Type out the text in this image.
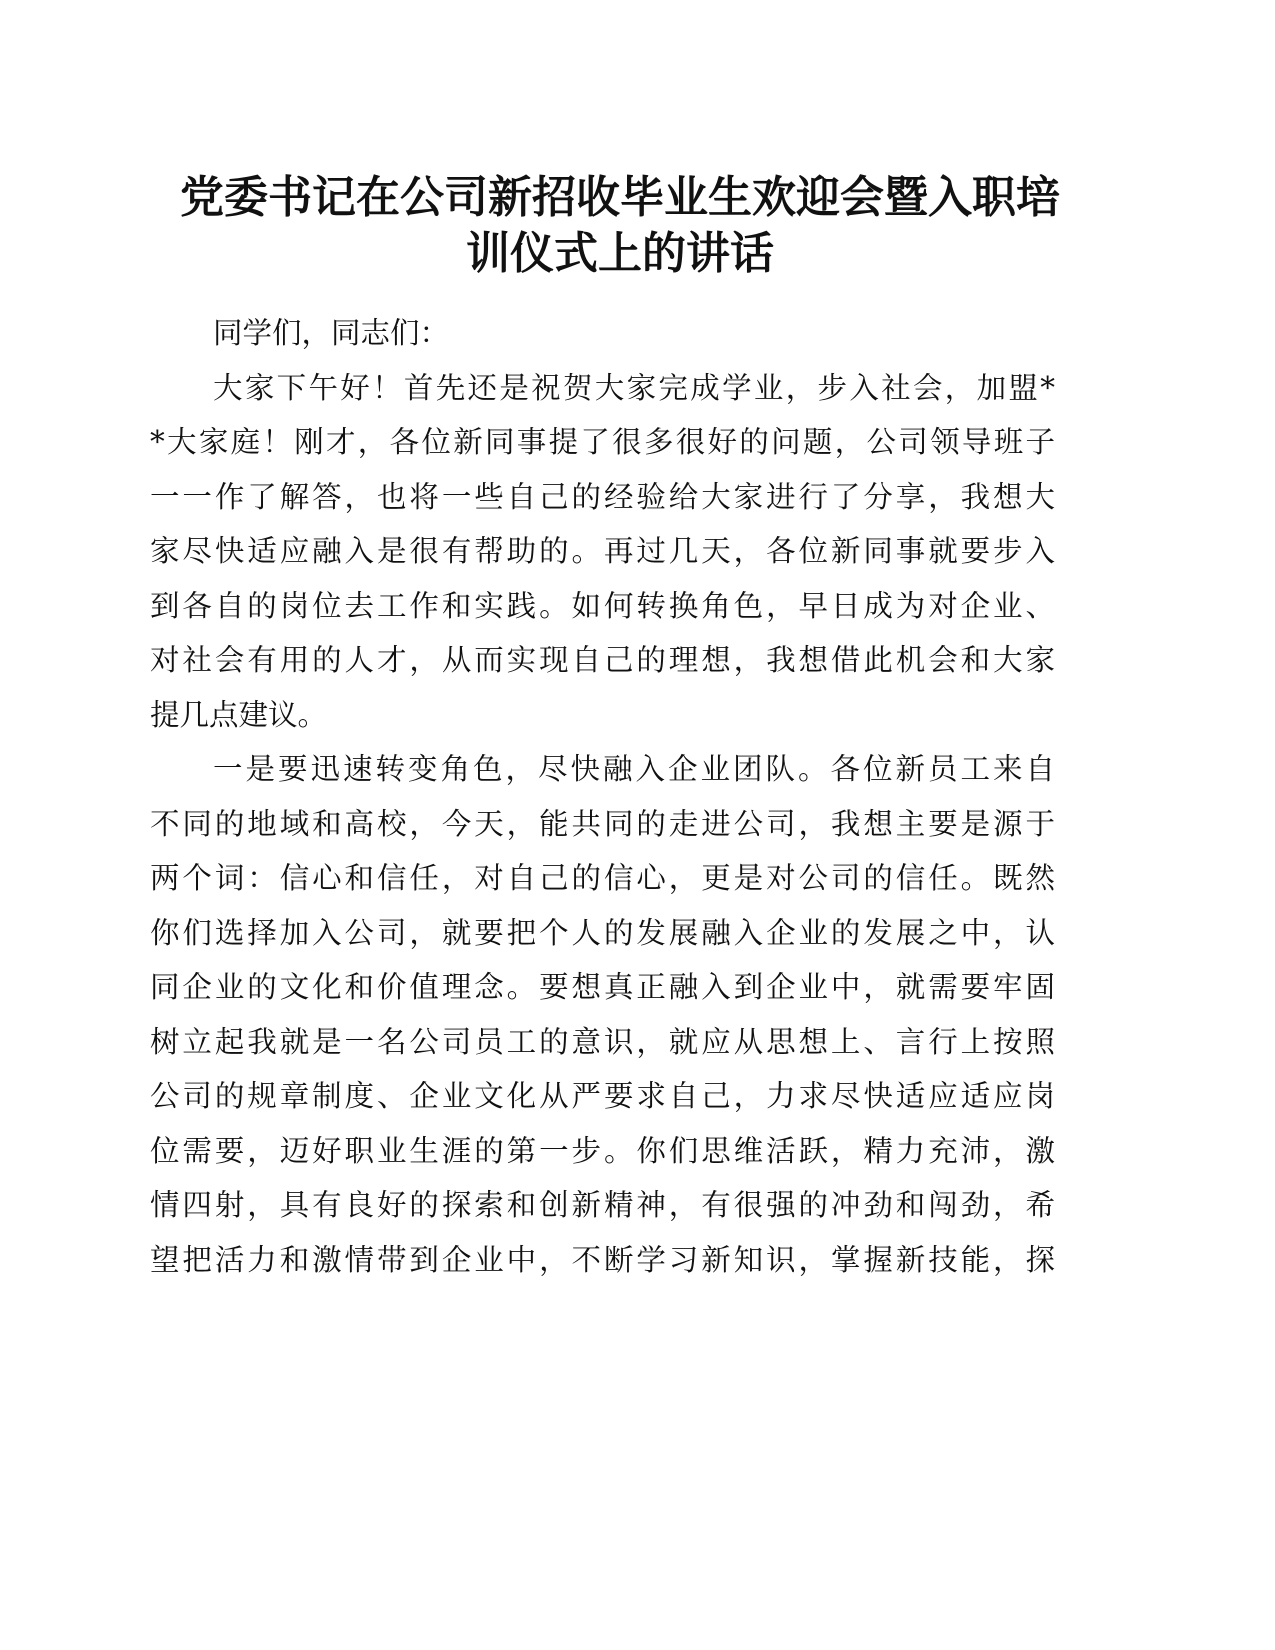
党委书记在公司新招收毕业生欢迎会暨入职培
训仪式上的讲话
同学们，同志们：
大家下午好！首先还是祝贺大家完成学业，步入社会，加盟*
*大家庭！刚才，各位新同事提了很多很好的问题，公司领导班子
一一作了解答，也将一些自己的经验给大家进行了分享，我想大
家尽快适应融入是很有帮助的。再过几天，各位新同事就要步入
到各自的岗位去工作和实践。如何转换角色，早日成为对企业、
对社会有用的人才，从而实现自己的理想，我想借此机会和大家
提几点建议。
一是要迅速转变角色，尽快融入企业团队。各位新员工来自
不同的地域和高校，今天，能共同的走进公司，我想主要是源于
两个词：信心和信任，对自己的信心，更是对公司的信任。既然
你们选择加入公司，就要把个人的发展融入企业的发展之中，认
同企业的文化和价值理念。要想真正融入到企业中，就需要牢固
树立起我就是一名公司员工的意识，就应从思想上、言行上按照
公司的规章制度、企业文化从严要求自己，力求尽快适应适应岗
位需要，迈好职业生涯的第一步。你们思维活跃，精力充沛，激
情四射，具有良好的探索和创新精神，有很强的冲劲和闯劲，希
望把活力和激情带到企业中，不断学习新知识，掌握新技能，探
